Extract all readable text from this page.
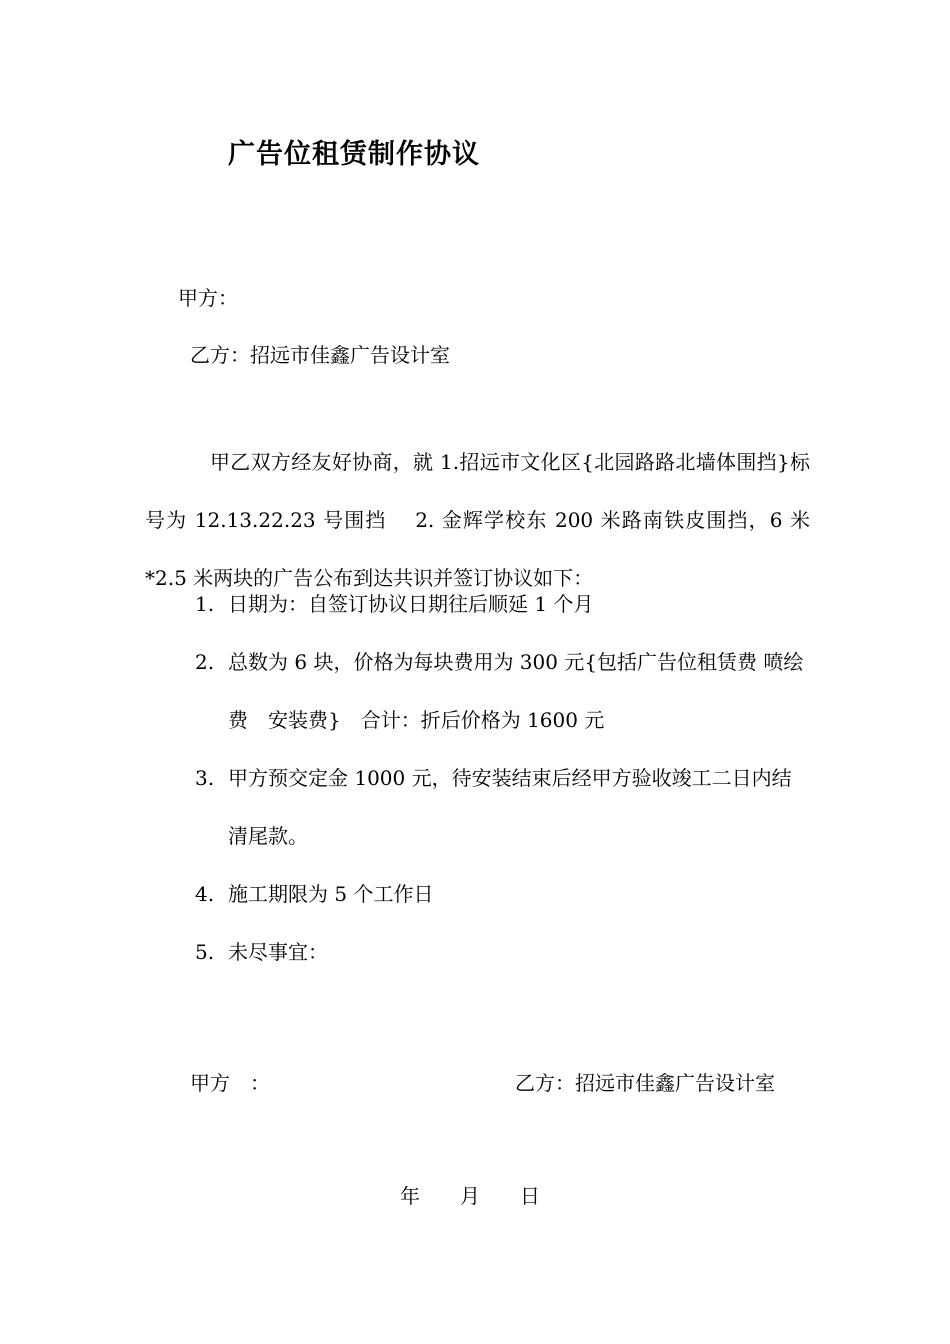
广告位租赁制作协议
甲方：
乙方：招远市佳鑫广告设计室

甲乙双方经友好协商，就 1.招远市文化区{北园路路北墙体围挡}标号为 12.13.22.23 号围挡　 2. 金辉学校东 200 米路南铁皮围挡，6 米*2.5 米两块的广告公布到达共识并签订协议如下：

1. 日期为：自签订协议日期往后顺延 1 个月
2. 总数为 6 块，价格为每块费用为 300 元{包括广告位租赁费 喷绘费　安装费}　合计：折后价格为 1600 元
3. 甲方预交定金 1000 元，待安装结束后经甲方验收竣工二日内结清尾款。
4. 施工期限为 5 个工作日
5. 未尽事宜：
甲方　：	乙方：招远市佳鑫广告设计室
年　　月　　日
